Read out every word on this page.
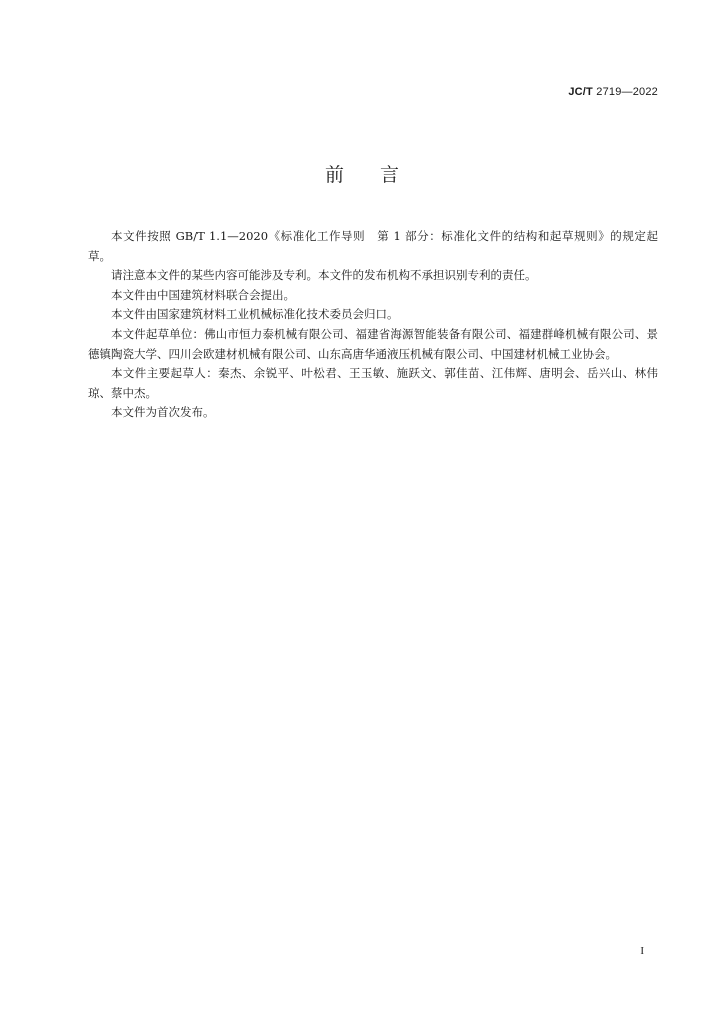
JC/T 2719—2022
前言

本文件按照 GB/T 1.1—2020《标准化工作导则　第 1 部分：标准化文件的结构和起草规则》的规定起草。

请注意本文件的某些内容可能涉及专利。本文件的发布机构不承担识别专利的责任。

本文件由中国建筑材料联合会提出。

本文件由国家建筑材料工业机械标准化技术委员会归口。

本文件起草单位：佛山市恒力泰机械有限公司、福建省海源智能装备有限公司、福建群峰机械有限公司、景德镇陶瓷大学、四川会欧建材机械有限公司、山东高唐华通液压机械有限公司、中国建材机械工业协会。

本文件主要起草人：秦杰、余锐平、叶松君、王玉敏、施跃文、郭佳苗、江伟辉、唐明会、岳兴山、林伟琼、蔡中杰。

本文件为首次发布。

I
